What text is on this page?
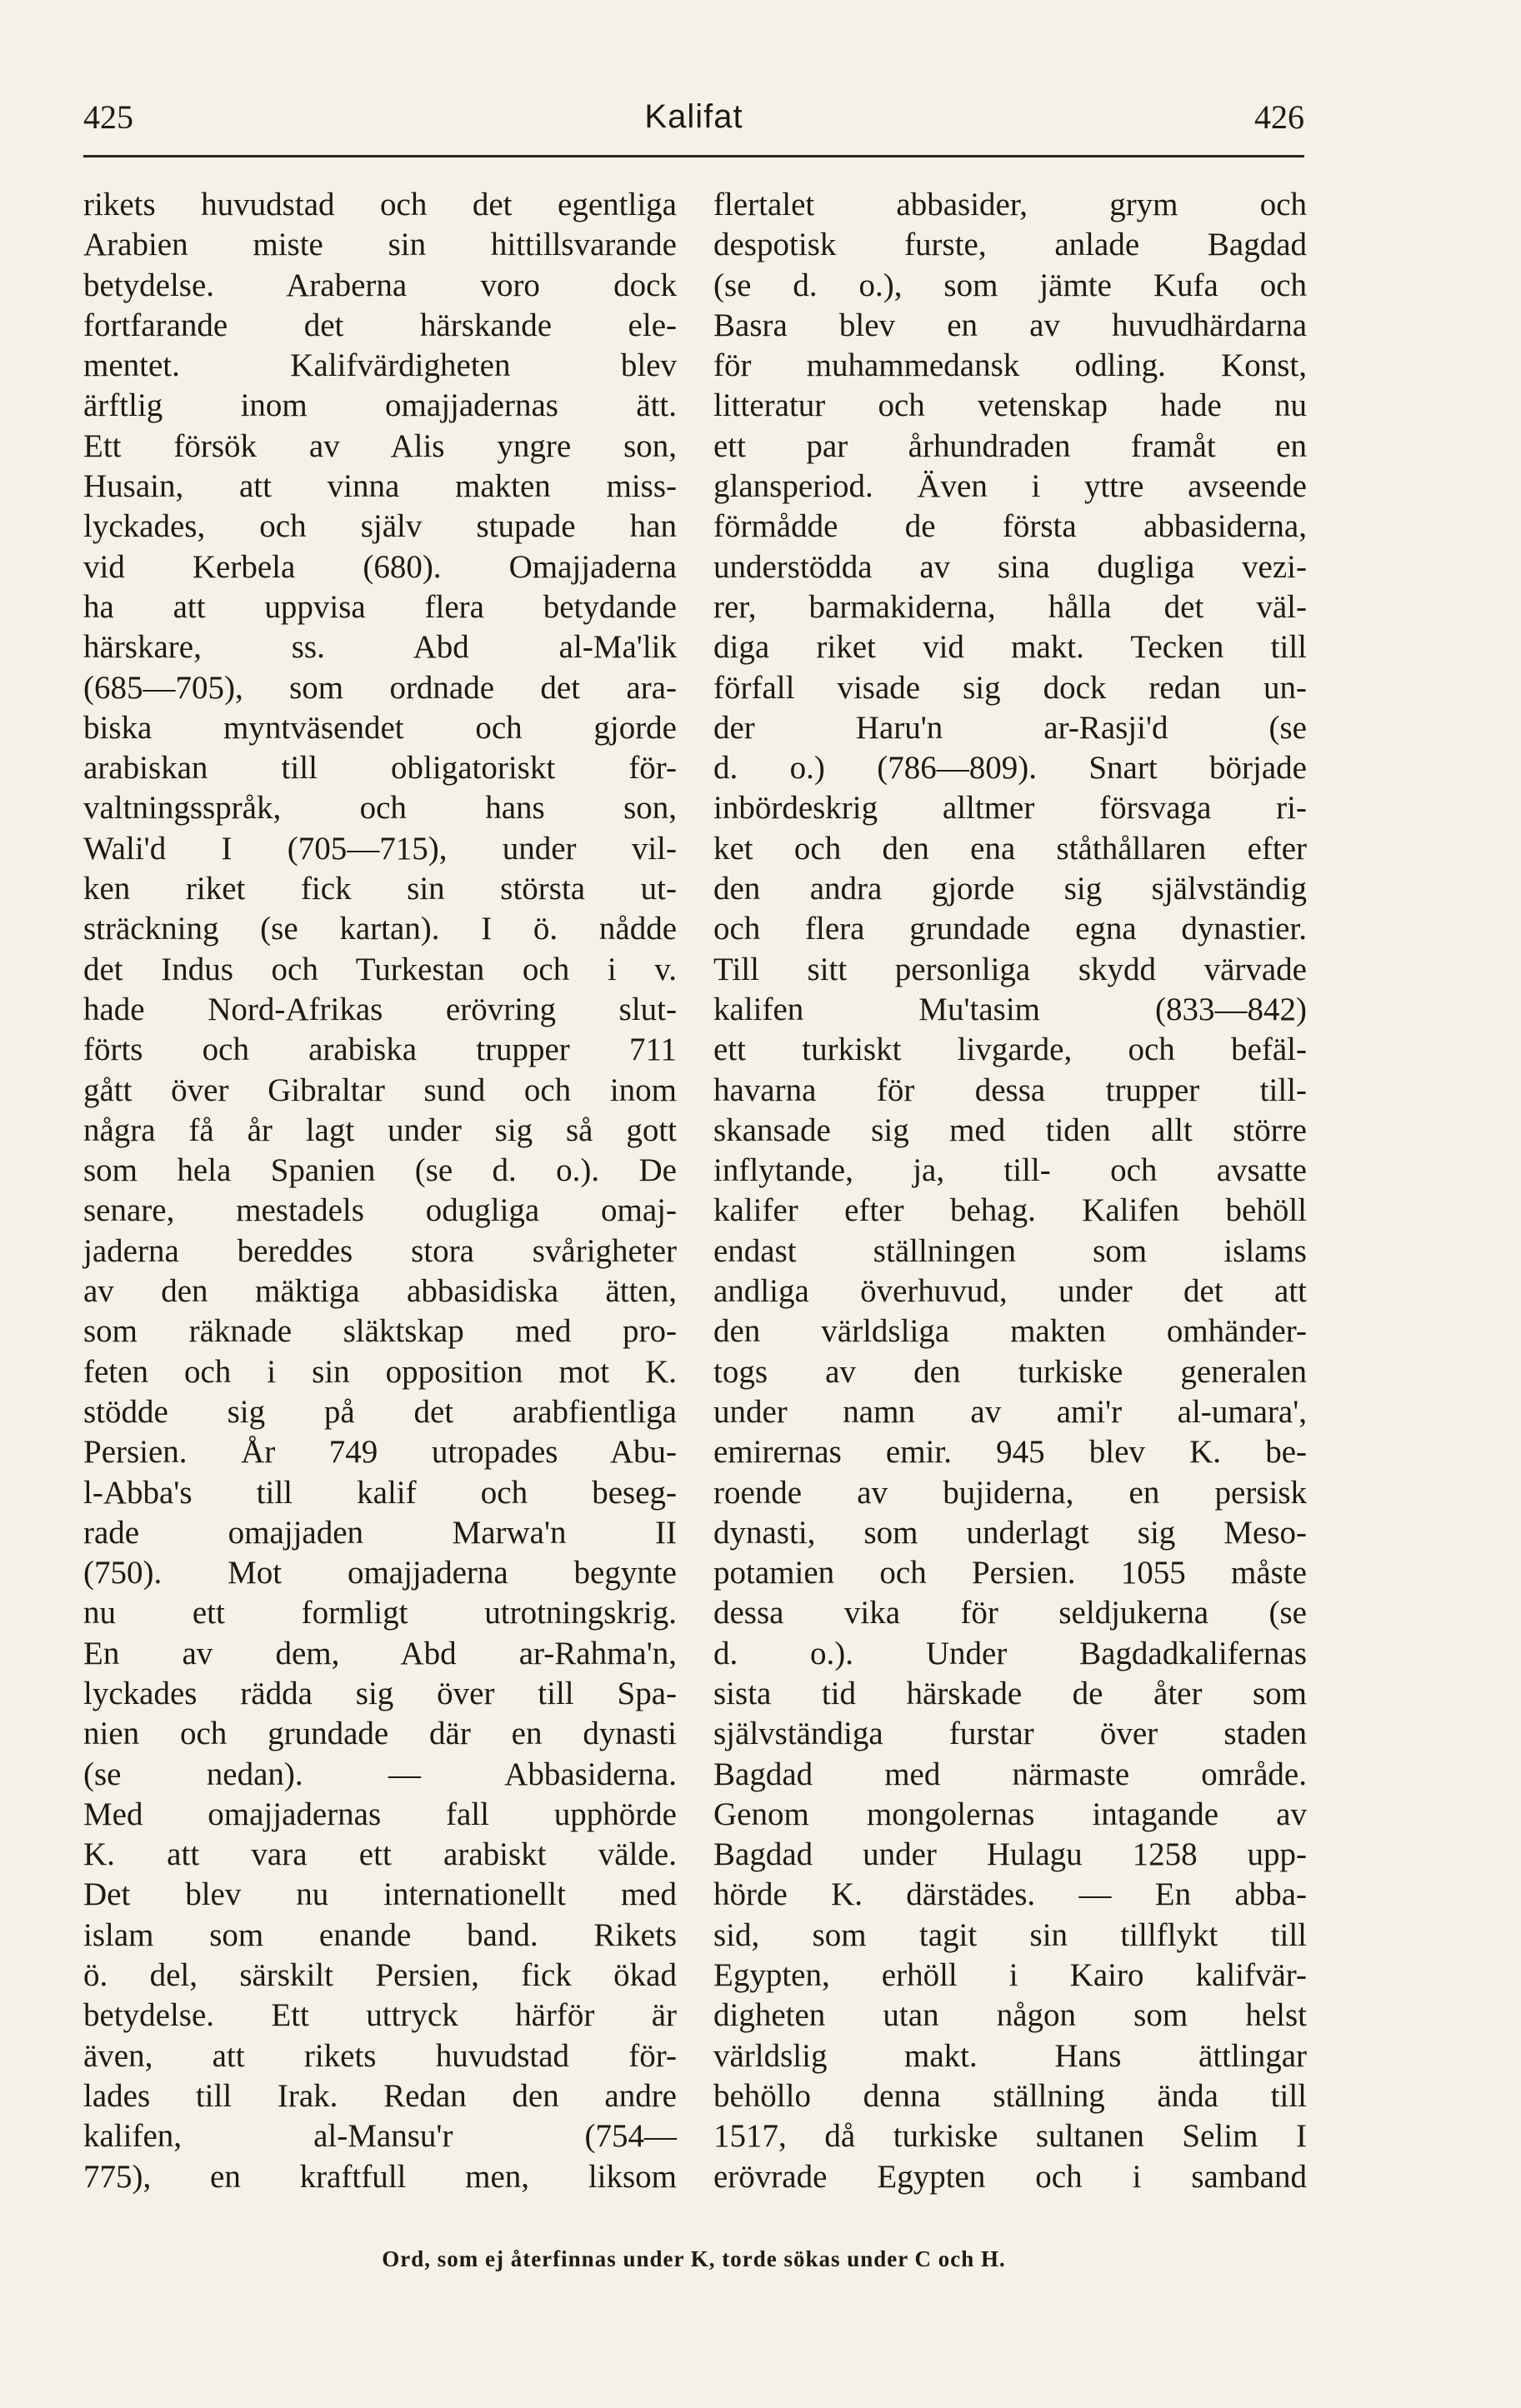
425	Kalifat	426
rikets huvudstad och det egentliga
Arabien miste sin hittillsvarande
betydelse. Araberna voro dock
fortfarande det härskande ele-
mentet. Kalifvärdigheten blev
ärftlig inom omajjadernas ätt.
Ett försök av Alis yngre son,
Husain, att vinna makten miss-
lyckades, och själv stupade han
vid Kerbela (680). Omajjaderna
ha att uppvisa flera betydande
härskare, ss. Abd al-Ma'lik
(685—705), som ordnade det ara-
biska myntväsendet och gjorde
arabiskan till obligatoriskt för-
valtningsspråk, och hans son,
Wali'd I (705—715), under vil-
ken riket fick sin största ut-
sträckning (se kartan). I ö. nådde
det Indus och Turkestan och i v.
hade Nord-Afrikas erövring slut-
förts och arabiska trupper 711
gått över Gibraltar sund och inom
några få år lagt under sig så gott
som hela Spanien (se d. o.). De
senare, mestadels odugliga omaj-
jaderna bereddes stora svårigheter
av den mäktiga abbasidiska ätten,
som räknade släktskap med pro-
feten och i sin opposition mot K.
stödde sig på det arabfientliga
Persien. År 749 utropades Abu-
l-Abba's till kalif och beseg-
rade omajjaden Marwa'n II
(750). Mot omajjaderna begynte
nu ett formligt utrotningskrig.
En av dem, Abd ar-Rahma'n,
lyckades rädda sig över till Spa-
nien och grundade där en dynasti
(se nedan). — Abbasiderna.
Med omajjadernas fall upphörde
K. att vara ett arabiskt välde.
Det blev nu internationellt med
islam som enande band. Rikets
ö. del, särskilt Persien, fick ökad
betydelse. Ett uttryck härför är
även, att rikets huvudstad för-
lades till Irak. Redan den andre
kalifen, al-Mansu'r (754—
775), en kraftfull men, liksom
flertalet abbasider, grym och
despotisk furste, anlade Bagdad
(se d. o.), som jämte Kufa och
Basra blev en av huvudhärdarna
för muhammedansk odling. Konst,
litteratur och vetenskap hade nu
ett par århundraden framåt en
glansperiod. Även i yttre avseende
förmådde de första abbasiderna,
understödda av sina dugliga vezi-
rer, barmakiderna, hålla det väl-
diga riket vid makt. Tecken till
förfall visade sig dock redan un-
der Haru'n ar-Rasji'd (se
d. o.) (786—809). Snart började
inbördeskrig alltmer försvaga ri-
ket och den ena ståthållaren efter
den andra gjorde sig självständig
och flera grundade egna dynastier.
Till sitt personliga skydd värvade
kalifen Mu'tasim (833—842)
ett turkiskt livgarde, och befäl-
havarna för dessa trupper till-
skansade sig med tiden allt större
inflytande, ja, till- och avsatte
kalifer efter behag. Kalifen behöll
endast ställningen som islams
andliga överhuvud, under det att
den världsliga makten omhänder-
togs av den turkiske generalen
under namn av ami'r al-umara',
emirernas emir. 945 blev K. be-
roende av bujiderna, en persisk
dynasti, som underlagt sig Meso-
potamien och Persien. 1055 måste
dessa vika för seldjukerna (se
d. o.). Under Bagdadkalifernas
sista tid härskade de åter som
självständiga furstar över staden
Bagdad med närmaste område.
Genom mongolernas intagande av
Bagdad under Hulagu 1258 upp-
hörde K. därstädes. — En abba-
sid, som tagit sin tillflykt till
Egypten, erhöll i Kairo kalifvär-
digheten utan någon som helst
världslig makt. Hans ättlingar
behöllo denna ställning ända till
1517, då turkiske sultanen Selim I
erövrade Egypten och i samband
Ord, som ej återfinnas under K, torde sökas under C och H.
